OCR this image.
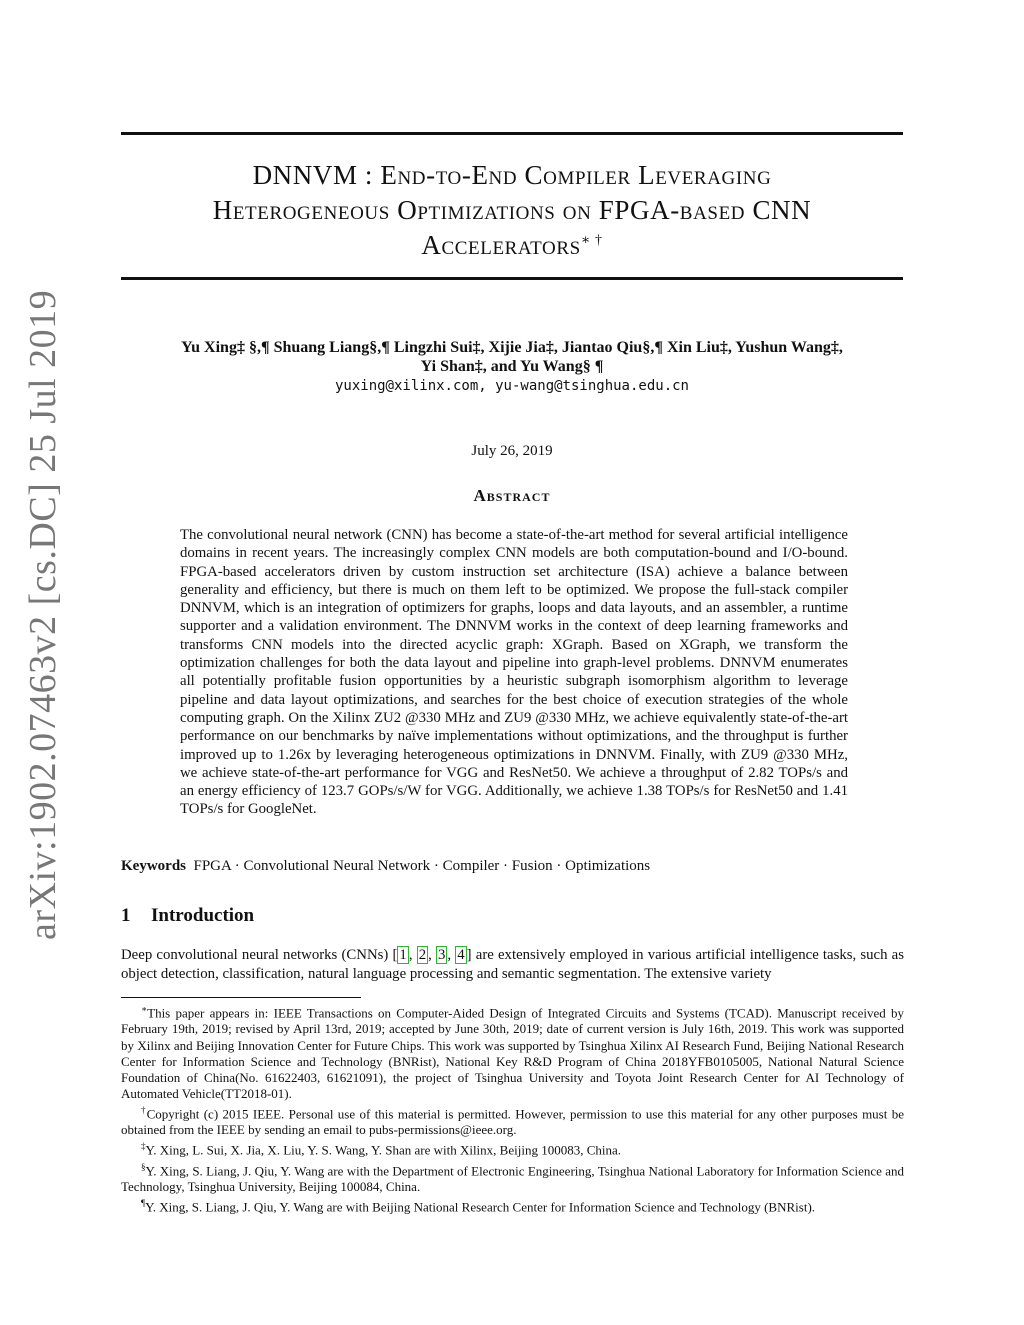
arXiv:1902.07463v2 [cs.DC] 25 Jul 2019
DNNVM : End-to-End Compiler Leveraging
Heterogeneous Optimizations on FPGA-based CNN
Accelerators∗ †
Yu Xing‡ §,¶ Shuang Liang§,¶ Lingzhi Sui‡, Xijie Jia‡, Jiantao Qiu§,¶ Xin Liu‡, Yushun Wang‡,
Yi Shan‡, and Yu Wang§ ¶
yuxing@xilinx.com, yu-wang@tsinghua.edu.cn
July 26, 2019
Abstract
The convolutional neural network (CNN) has become a state-of-the-art method for several artificial intelligence domains in recent years. The increasingly complex CNN models are both computation-bound and I/O-bound. FPGA-based accelerators driven by custom instruction set architecture (ISA) achieve a balance between generality and efficiency, but there is much on them left to be optimized. We propose the full-stack compiler DNNVM, which is an integration of optimizers for graphs, loops and data layouts, and an assembler, a runtime supporter and a validation environment. The DNNVM works in the context of deep learning frameworks and transforms CNN models into the directed acyclic graph: XGraph. Based on XGraph, we transform the optimization challenges for both the data layout and pipeline into graph-level problems. DNNVM enumerates all potentially profitable fusion opportunities by a heuristic subgraph isomorphism algorithm to leverage pipeline and data layout optimizations, and searches for the best choice of execution strategies of the whole computing graph. On the Xilinx ZU2 @330 MHz and ZU9 @330 MHz, we achieve equivalently state-of-the-art performance on our benchmarks by naïve implementations without optimizations, and the throughput is further improved up to 1.26x by leveraging heterogeneous optimizations in DNNVM. Finally, with ZU9 @330 MHz, we achieve state-of-the-art performance for VGG and ResNet50. We achieve a throughput of 2.82 TOPs/s and an energy efficiency of 123.7 GOPs/s/W for VGG. Additionally, we achieve 1.38 TOPs/s for ResNet50 and 1.41 TOPs/s for GoogleNet.
Keywords FPGA · Convolutional Neural Network · Compiler · Fusion · Optimizations
1 Introduction
Deep convolutional neural networks (CNNs) [ 1 , 2 , 3 , 4 ] are extensively employed in various artificial intelligence tasks, such as object detection, classification, natural language processing and semantic segmentation. The extensive variety

∗This paper appears in: IEEE Transactions on Computer-Aided Design of Integrated Circuits and Systems (TCAD). Manuscript received by February 19th, 2019; revised by April 13rd, 2019; accepted by June 30th, 2019; date of current version is July 16th, 2019. This work was supported by Xilinx and Beijing Innovation Center for Future Chips. This work was supported by Tsinghua Xilinx AI Research Fund, Beijing National Research Center for Information Science and Technology (BNRist), National Key R&D Program of China 2018YFB0105005, National Natural Science Foundation of China(No. 61622403, 61621091), the project of Tsinghua University and Toyota Joint Research Center for AI Technology of Automated Vehicle(TT2018-01).

†Copyright (c) 2015 IEEE. Personal use of this material is permitted. However, permission to use this material for any other purposes must be obtained from the IEEE by sending an email to pubs-permissions@ieee.org.

‡Y. Xing, L. Sui, X. Jia, X. Liu, Y. S. Wang, Y. Shan are with Xilinx, Beijing 100083, China.

§Y. Xing, S. Liang, J. Qiu, Y. Wang are with the Department of Electronic Engineering, Tsinghua National Laboratory for Information Science and Technology, Tsinghua University, Beijing 100084, China.

¶Y. Xing, S. Liang, J. Qiu, Y. Wang are with Beijing National Research Center for Information Science and Technology (BNRist).
